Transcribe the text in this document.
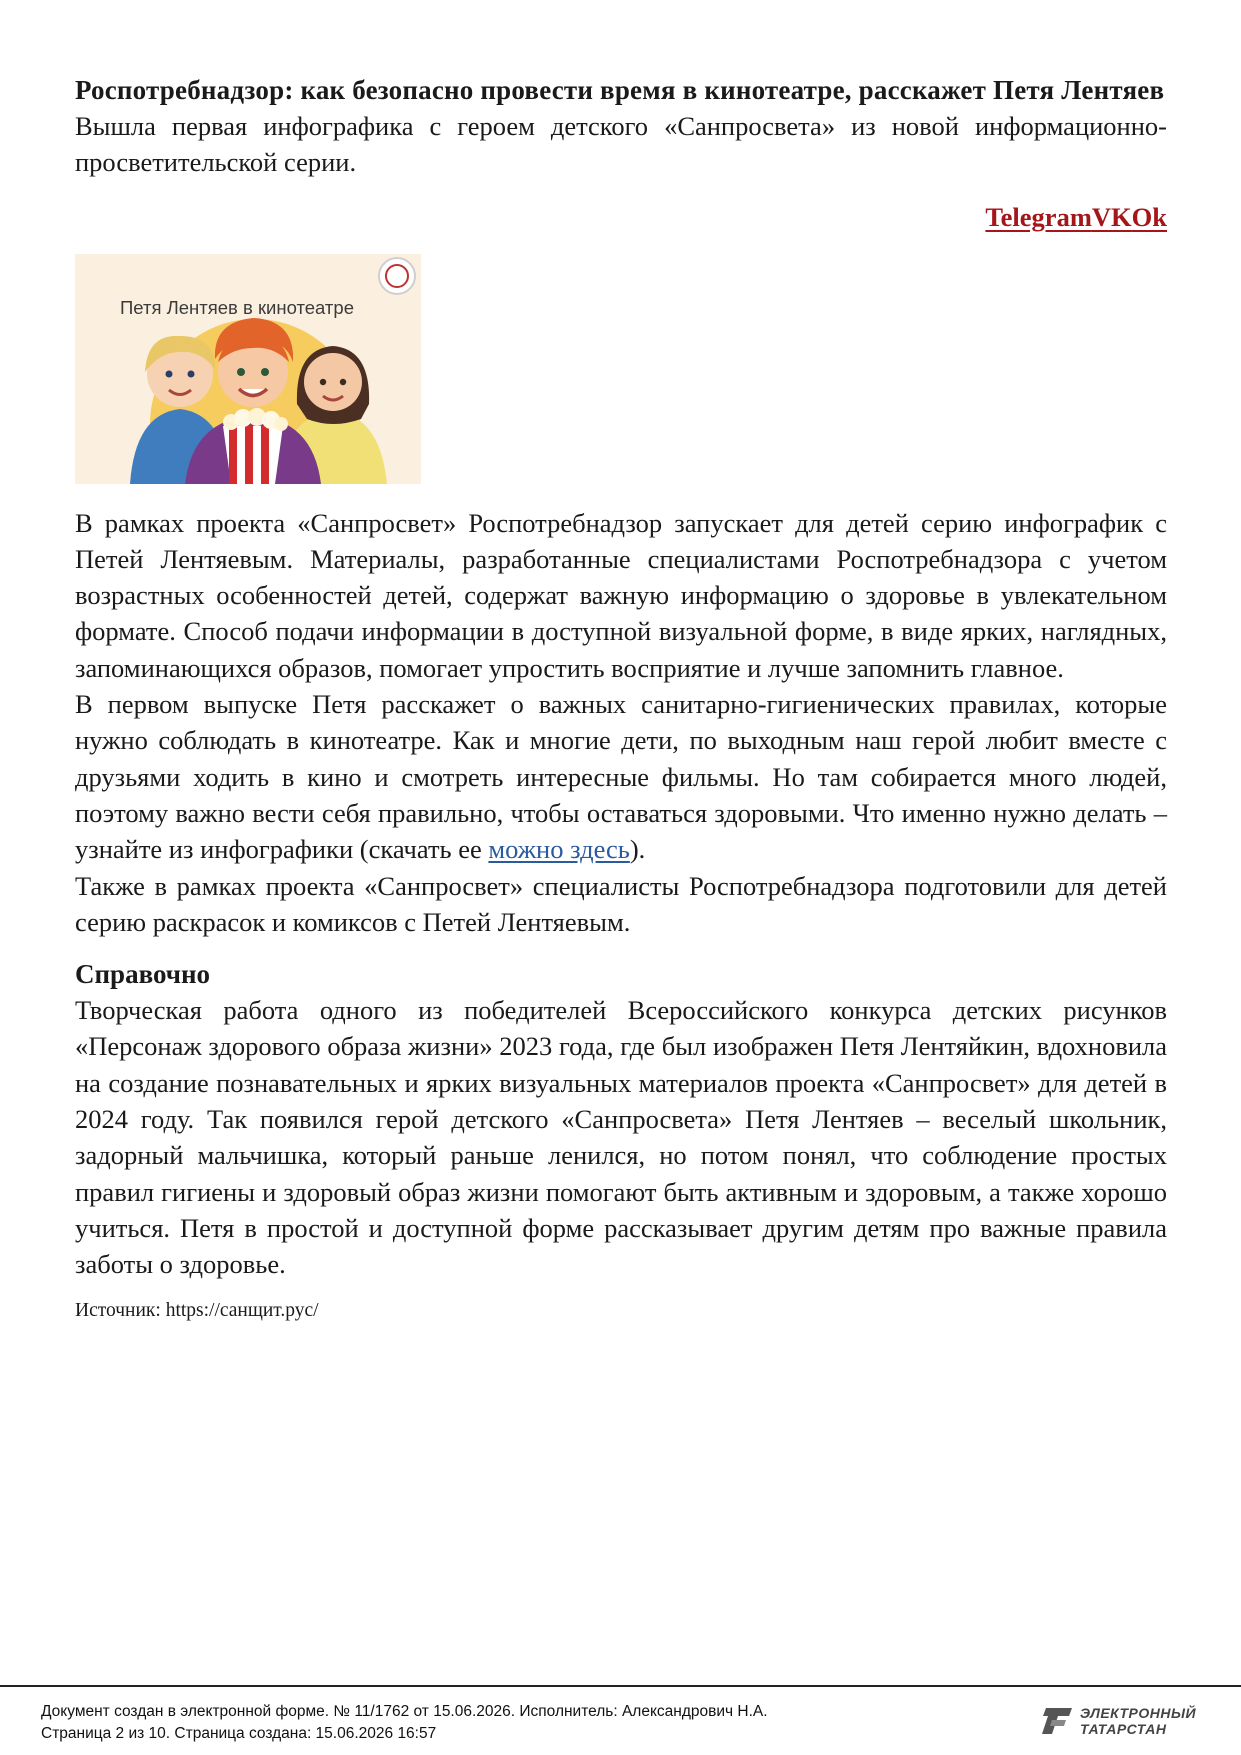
Роспотребнадзор: как безопасно провести время в кинотеатре, расскажет Петя Лентяев

Вышла первая инфографика с героем детского «Санпросвета» из новой информационно-просветительской серии.

TelegramVKOk
Петя Лентяев в кинотеатре

В рамках проекта «Санпросвет» Роспотребнадзор запускает для детей серию инфографик с Петей Лентяевым. Материалы, разработанные специалистами Роспотребнадзора с учетом возрастных особенностей детей, содержат важную информацию о здоровье в увлекательном формате. Способ подачи информации в доступной визуальной форме, в виде ярких, наглядных, запоминающихся образов, помогает упростить восприятие и лучше запомнить главное.

В первом выпуске Петя расскажет о важных санитарно-гигиенических правилах, которые нужно соблюдать в кинотеатре. Как и многие дети, по выходным наш герой любит вместе с друзьями ходить в кино и смотреть интересные фильмы. Но там собирается много людей, поэтому важно вести себя правильно, чтобы оставаться здоровыми. Что именно нужно делать – узнайте из инфографики (скачать ее можно здесь).

Также в рамках проекта «Санпросвет» специалисты Роспотребнадзора подготовили для детей серию раскрасок и комиксов с Петей Лентяевым.

Справочно

Творческая работа одного из победителей Всероссийского конкурса детских рисунков «Персонаж здорового образа жизни» 2023 года, где был изображен Петя Лентяйкин, вдохновила на создание познавательных и ярких визуальных материалов проекта «Санпросвет» для детей в 2024 году. Так появился герой детского «Санпросвета» Петя Лентяев – веселый школьник, задорный мальчишка, который раньше ленился, но потом понял, что соблюдение простых правил гигиены и здоровый образ жизни помогают быть активным и здоровым, а также хорошо учиться. Петя в простой и доступной форме рассказывает другим детям про важные правила заботы о здоровье.

Источник: https://санщит.рус/
Документ создан в электронной форме. № 11/1762 от 15.06.2026. Исполнитель: Александрович Н.А.
Страница 2 из 10. Страница создана: 15.06.2026 16:57
ЭЛЕКТРОННЫЙ
ТАТАРСТАН
